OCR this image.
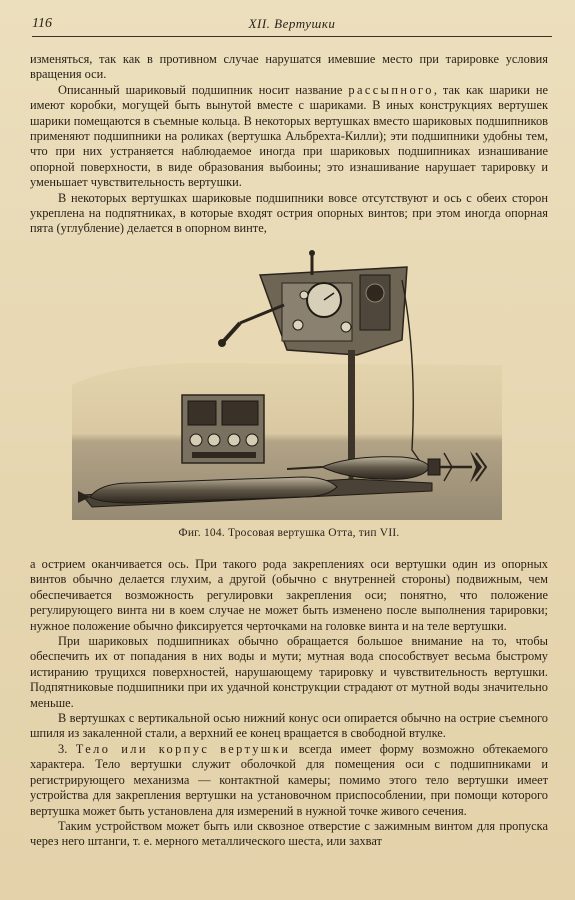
116	XII. Вертушки

изменяться, так как в противном случае нарушатся имевшие место при тарировке условия вращения оси.

Описанный шариковый подшипник носит название рассыпного, так как шарики не имеют коробки, могущей быть вынутой вместе с шариками. В иных конструкциях вертушек шарики помещаются в съемные кольца. В некоторых вертушках вместо шариковых подшипников применяют подшипники на роликах (вертушка Альбрехта-Килли); эти подшипники удобны тем, что при них устраняется наблюдаемое иногда при шариковых подшипниках изнашивание опорной поверхности, в виде образования выбоины; это изнашивание нарушает тарировку и уменьшает чувствительность вертушки.

В некоторых вертушках шариковые подшипники вовсе отсутствуют и ось с обеих сторон укреплена на подпятниках, в которые входят острия опорных винтов; при этом иногда опорная пята (углубление) делается в опорном винте,

Фиг. 104. Тросовая вертушка Отта, тип VII.

а острием оканчивается ось. При такого рода закреплениях оси вертушки один из опорных винтов обычно делается глухим, а другой (обычно с внутренней стороны) подвижным, чем обеспечивается возможность регулировки закрепления оси; понятно, что положение регулирующего винта ни в коем случае не может быть изменено после выполнения тарировки; нужное положение обычно фиксируется черточками на головке винта и на теле вертушки.

При шариковых подшипниках обычно обращается большое внимание на то, чтобы обеспечить их от попадания в них воды и мути; мутная вода способствует весьма быстрому истиранию трущихся поверхностей, нарушающему тарировку и чувствительность вертушки. Подпятниковые подшипники при их удачной конструкции страдают от мутной воды значительно меньше.

В вертушках с вертикальной осью нижний конус оси опирается обычно на острие съемного шпиля из закаленной стали, а верхний ее конец вращается в свободной втулке.

3. Тело или корпус вертушки всегда имеет форму возможно обтекаемого характера. Тело вертушки служит оболочкой для помещения оси с подшипниками и регистрирующего механизма — контактной камеры; помимо этого тело вертушки имеет устройства для закрепления вертушки на установочном приспособлении, при помощи которого вертушка может быть установлена для измерений в нужной точке живого сечения.

Таким устройством может быть или сквозное отверстие с зажимным винтом для пропуска через него штанги, т. е. мерного металлического шеста, или захват
